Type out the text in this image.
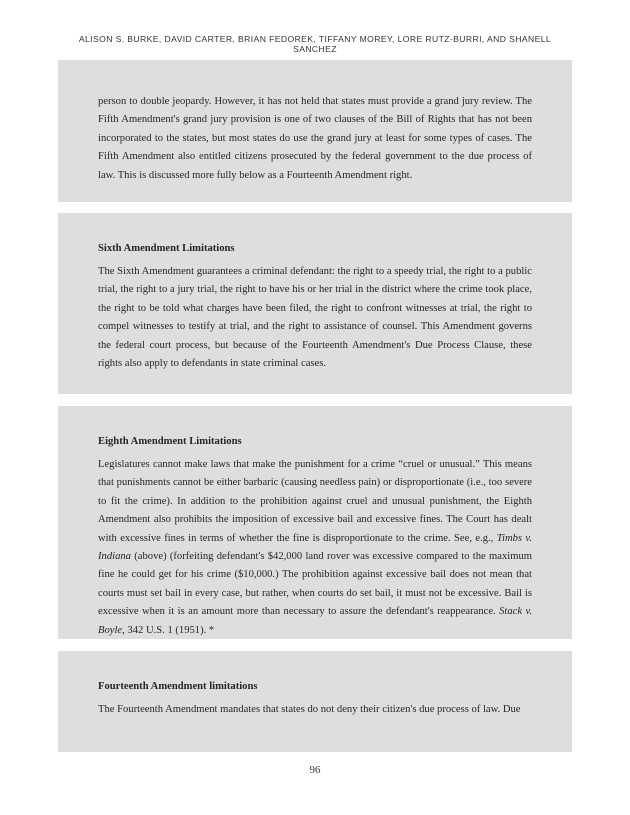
ALISON S. BURKE, DAVID CARTER, BRIAN FEDOREK, TIFFANY MOREY, LORE RUTZ-BURRI, AND SHANELL
SANCHEZ

person to double jeopardy. However, it has not held that states must provide a grand jury review. The Fifth Amendment's grand jury provision is one of two clauses of the Bill of Rights that has not been incorporated to the states, but most states do use the grand jury at least for some types of cases. The Fifth Amendment also entitled citizens prosecuted by the federal government to the due process of law. This is discussed more fully below as a Fourteenth Amendment right.

Sixth Amendment Limitations

The Sixth Amendment guarantees a criminal defendant: the right to a speedy trial, the right to a public trial, the right to a jury trial, the right to have his or her trial in the district where the crime took place, the right to be told what charges have been filed, the right to confront witnesses at trial, the right to compel witnesses to testify at trial, and the right to assistance of counsel. This Amendment governs the federal court process, but because of the Fourteenth Amendment's Due Process Clause, these rights also apply to defendants in state criminal cases.

Eighth Amendment Limitations

Legislatures cannot make laws that make the punishment for a crime “cruel or unusual.” This means that punishments cannot be either barbaric (causing needless pain) or disproportionate (i.e., too severe to fit the crime). In addition to the prohibition against cruel and unusual punishment, the Eighth Amendment also prohibits the imposition of excessive bail and excessive fines. The Court has dealt with excessive fines in terms of whether the fine is disproportionate to the crime. See, e.g., Timbs v. Indiana (above) (forfeiting defendant's $42,000 land rover was excessive compared to the maximum fine he could get for his crime ($10,000.) The prohibition against excessive bail does not mean that courts must set bail in every case, but rather, when courts do set bail, it must not be excessive. Bail is excessive when it is an amount more than necessary to assure the defendant's reappearance. Stack v. Boyle, 342 U.S. 1 (1951). *

Fourteenth Amendment limitations

The Fourteenth Amendment mandates that states do not deny their citizen's due process of law. Due

96
